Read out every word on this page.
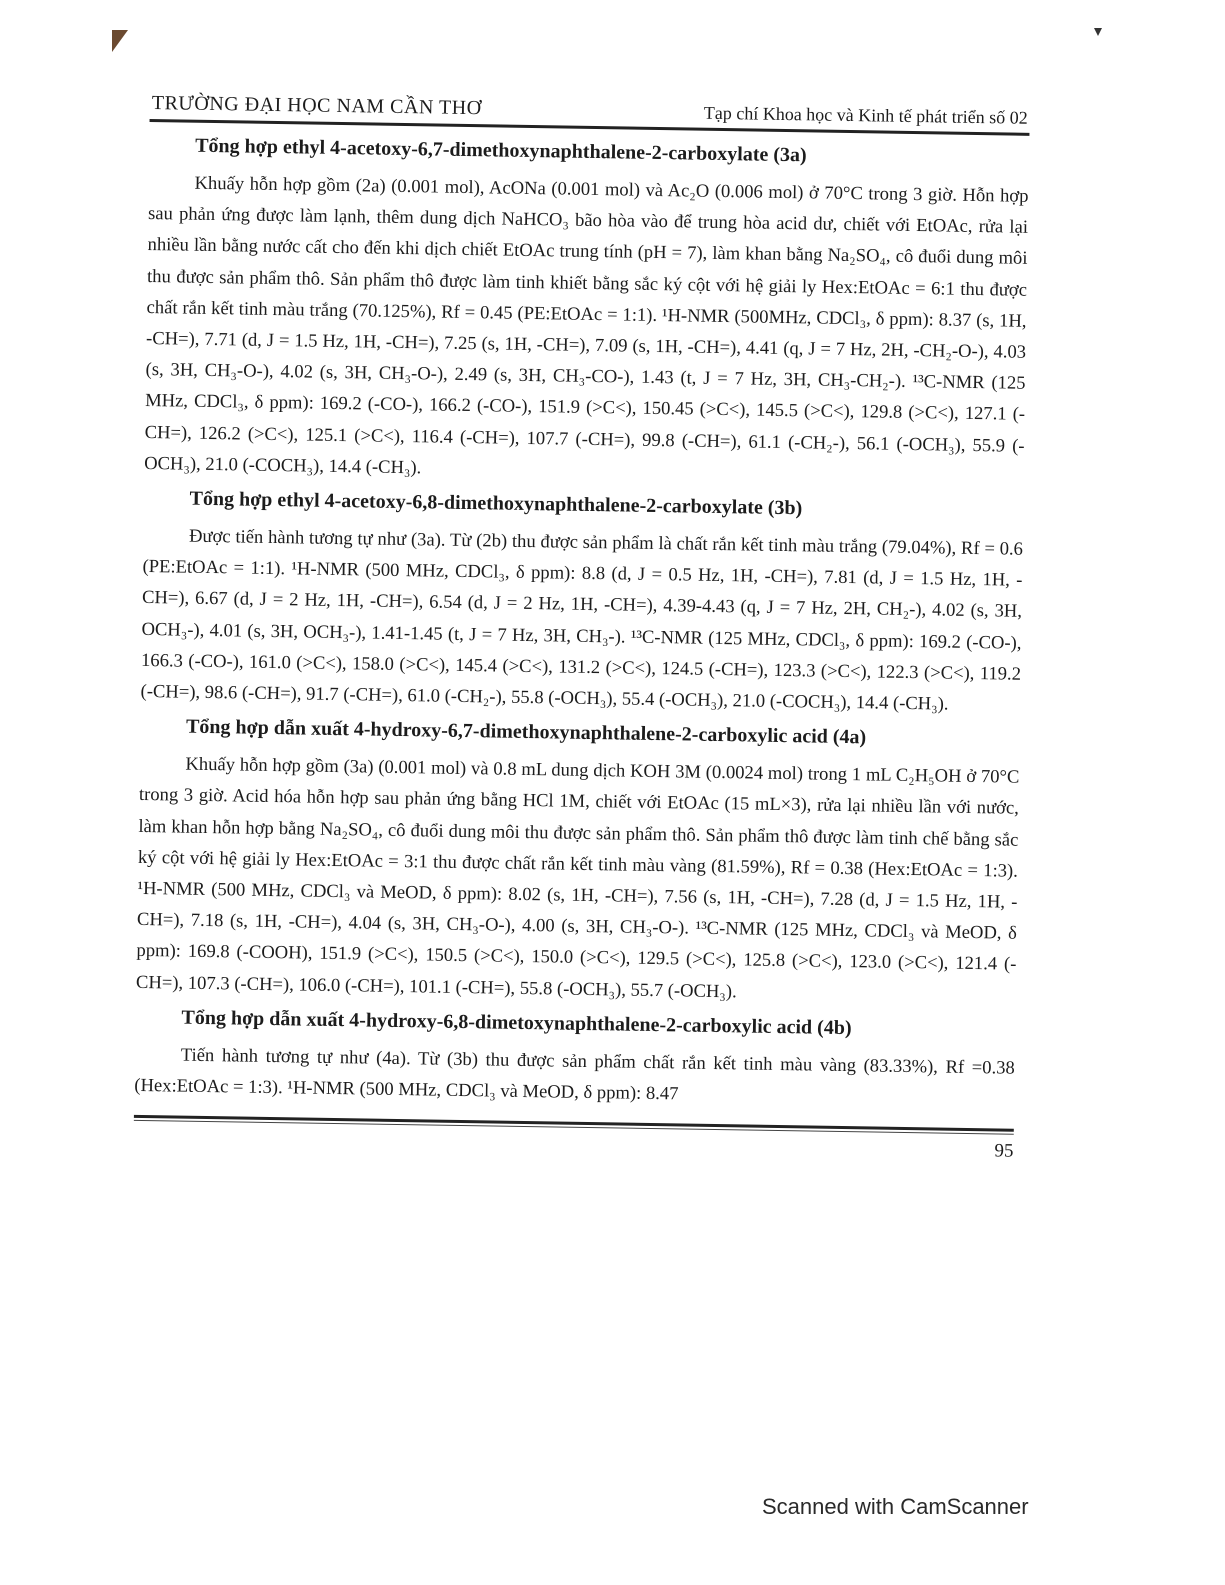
TRƯỜNG ĐẠI HỌC NAM CẦN THƠ	Tạp chí Khoa học và Kinh tế phát triển số 02
Tổng hợp ethyl 4-acetoxy-6,7-dimethoxynaphthalene-2-carboxylate (3a)

Khuấy hỗn hợp gồm (2a) (0.001 mol), AcONa (0.001 mol) và Ac₂O (0.006 mol) ở 70°C trong 3 giờ. Hỗn hợp sau phản ứng được làm lạnh, thêm dung dịch NaHCO₃ bão hòa vào để trung hòa acid dư, chiết với EtOAc, rửa lại nhiều lần bằng nước cất cho đến khi dịch chiết EtOAc trung tính (pH = 7), làm khan bằng Na₂SO₄, cô đuổi dung môi thu được sản phẩm thô. Sản phẩm thô được làm tinh khiết bằng sắc ký cột với hệ giải ly Hex:EtOAc = 6:1 thu được chất rắn kết tinh màu trắng (70.125%), Rf = 0.45 (PE:EtOAc = 1:1). ¹H-NMR (500MHz, CDCl₃, δ ppm): 8.37 (s, 1H, -CH=), 7.71 (d, J = 1.5 Hz, 1H, -CH=), 7.25 (s, 1H, -CH=), 7.09 (s, 1H, -CH=), 4.41 (q, J = 7 Hz, 2H, -CH₂-O-), 4.03 (s, 3H, CH₃-O-), 4.02 (s, 3H, CH₃-O-), 2.49 (s, 3H, CH₃-CO-), 1.43 (t, J = 7 Hz, 3H, CH₃-CH₂-). ¹³C-NMR (125 MHz, CDCl₃, δ ppm): 169.2 (-CO-), 166.2 (-CO-), 151.9 (>C<), 150.45 (>C<), 145.5 (>C<), 129.8 (>C<), 127.1 (-CH=), 126.2 (>C<), 125.1 (>C<), 116.4 (-CH=), 107.7 (-CH=), 99.8 (-CH=), 61.1 (-CH₂-), 56.1 (-OCH₃), 55.9 (-OCH₃), 21.0 (-COCH₃), 14.4 (-CH₃).

Tổng hợp ethyl 4-acetoxy-6,8-dimethoxynaphthalene-2-carboxylate (3b)

Được tiến hành tương tự như (3a). Từ (2b) thu được sản phẩm là chất rắn kết tinh màu trắng (79.04%), Rf = 0.6 (PE:EtOAc = 1:1). ¹H-NMR (500 MHz, CDCl₃, δ ppm): 8.8 (d, J = 0.5 Hz, 1H, -CH=), 7.81 (d, J = 1.5 Hz, 1H, -CH=), 6.67 (d, J = 2 Hz, 1H, -CH=), 6.54 (d, J = 2 Hz, 1H, -CH=), 4.39-4.43 (q, J = 7 Hz, 2H, CH₂-), 4.02 (s, 3H, OCH₃-), 4.01 (s, 3H, OCH₃-), 1.41-1.45 (t, J = 7 Hz, 3H, CH₃-). ¹³C-NMR (125 MHz, CDCl₃, δ ppm): 169.2 (-CO-), 166.3 (-CO-), 161.0 (>C<), 158.0 (>C<), 145.4 (>C<), 131.2 (>C<), 124.5 (-CH=), 123.3 (>C<), 122.3 (>C<), 119.2 (-CH=), 98.6 (-CH=), 91.7 (-CH=), 61.0 (-CH₂-), 55.8 (-OCH₃), 55.4 (-OCH₃), 21.0 (-COCH₃), 14.4 (-CH₃).

Tổng hợp dẫn xuất 4-hydroxy-6,7-dimethoxynaphthalene-2-carboxylic acid (4a)

Khuấy hỗn hợp gồm (3a) (0.001 mol) và 0.8 mL dung dịch KOH 3M (0.0024 mol) trong 1 mL C₂H₅OH ở 70°C trong 3 giờ. Acid hóa hỗn hợp sau phản ứng bằng HCl 1M, chiết với EtOAc (15 mL×3), rửa lại nhiều lần với nước, làm khan hỗn hợp bằng Na₂SO₄, cô đuổi dung môi thu được sản phẩm thô. Sản phẩm thô được làm tinh chế bằng sắc ký cột với hệ giải ly Hex:EtOAc = 3:1 thu được chất rắn kết tinh màu vàng (81.59%), Rf = 0.38 (Hex:EtOAc = 1:3). ¹H-NMR (500 MHz, CDCl₃ và MeOD, δ ppm): 8.02 (s, 1H, -CH=), 7.56 (s, 1H, -CH=), 7.28 (d, J = 1.5 Hz, 1H, -CH=), 7.18 (s, 1H, -CH=), 4.04 (s, 3H, CH₃-O-), 4.00 (s, 3H, CH₃-O-). ¹³C-NMR (125 MHz, CDCl₃ và MeOD, δ ppm): 169.8 (-COOH), 151.9 (>C<), 150.5 (>C<), 150.0 (>C<), 129.5 (>C<), 125.8 (>C<), 123.0 (>C<), 121.4 (-CH=), 107.3 (-CH=), 106.0 (-CH=), 101.1 (-CH=), 55.8 (-OCH₃), 55.7 (-OCH₃).

Tổng hợp dẫn xuất 4-hydroxy-6,8-dimetoxynaphthalene-2-carboxylic acid (4b)

Tiến hành tương tự như (4a). Từ (3b) thu được sản phẩm chất rắn kết tinh màu vàng (83.33%), Rf =0.38 (Hex:EtOAc = 1:3). ¹H-NMR (500 MHz, CDCl₃ và MeOD, δ ppm): 8.47

95
Scanned with CamScanner
